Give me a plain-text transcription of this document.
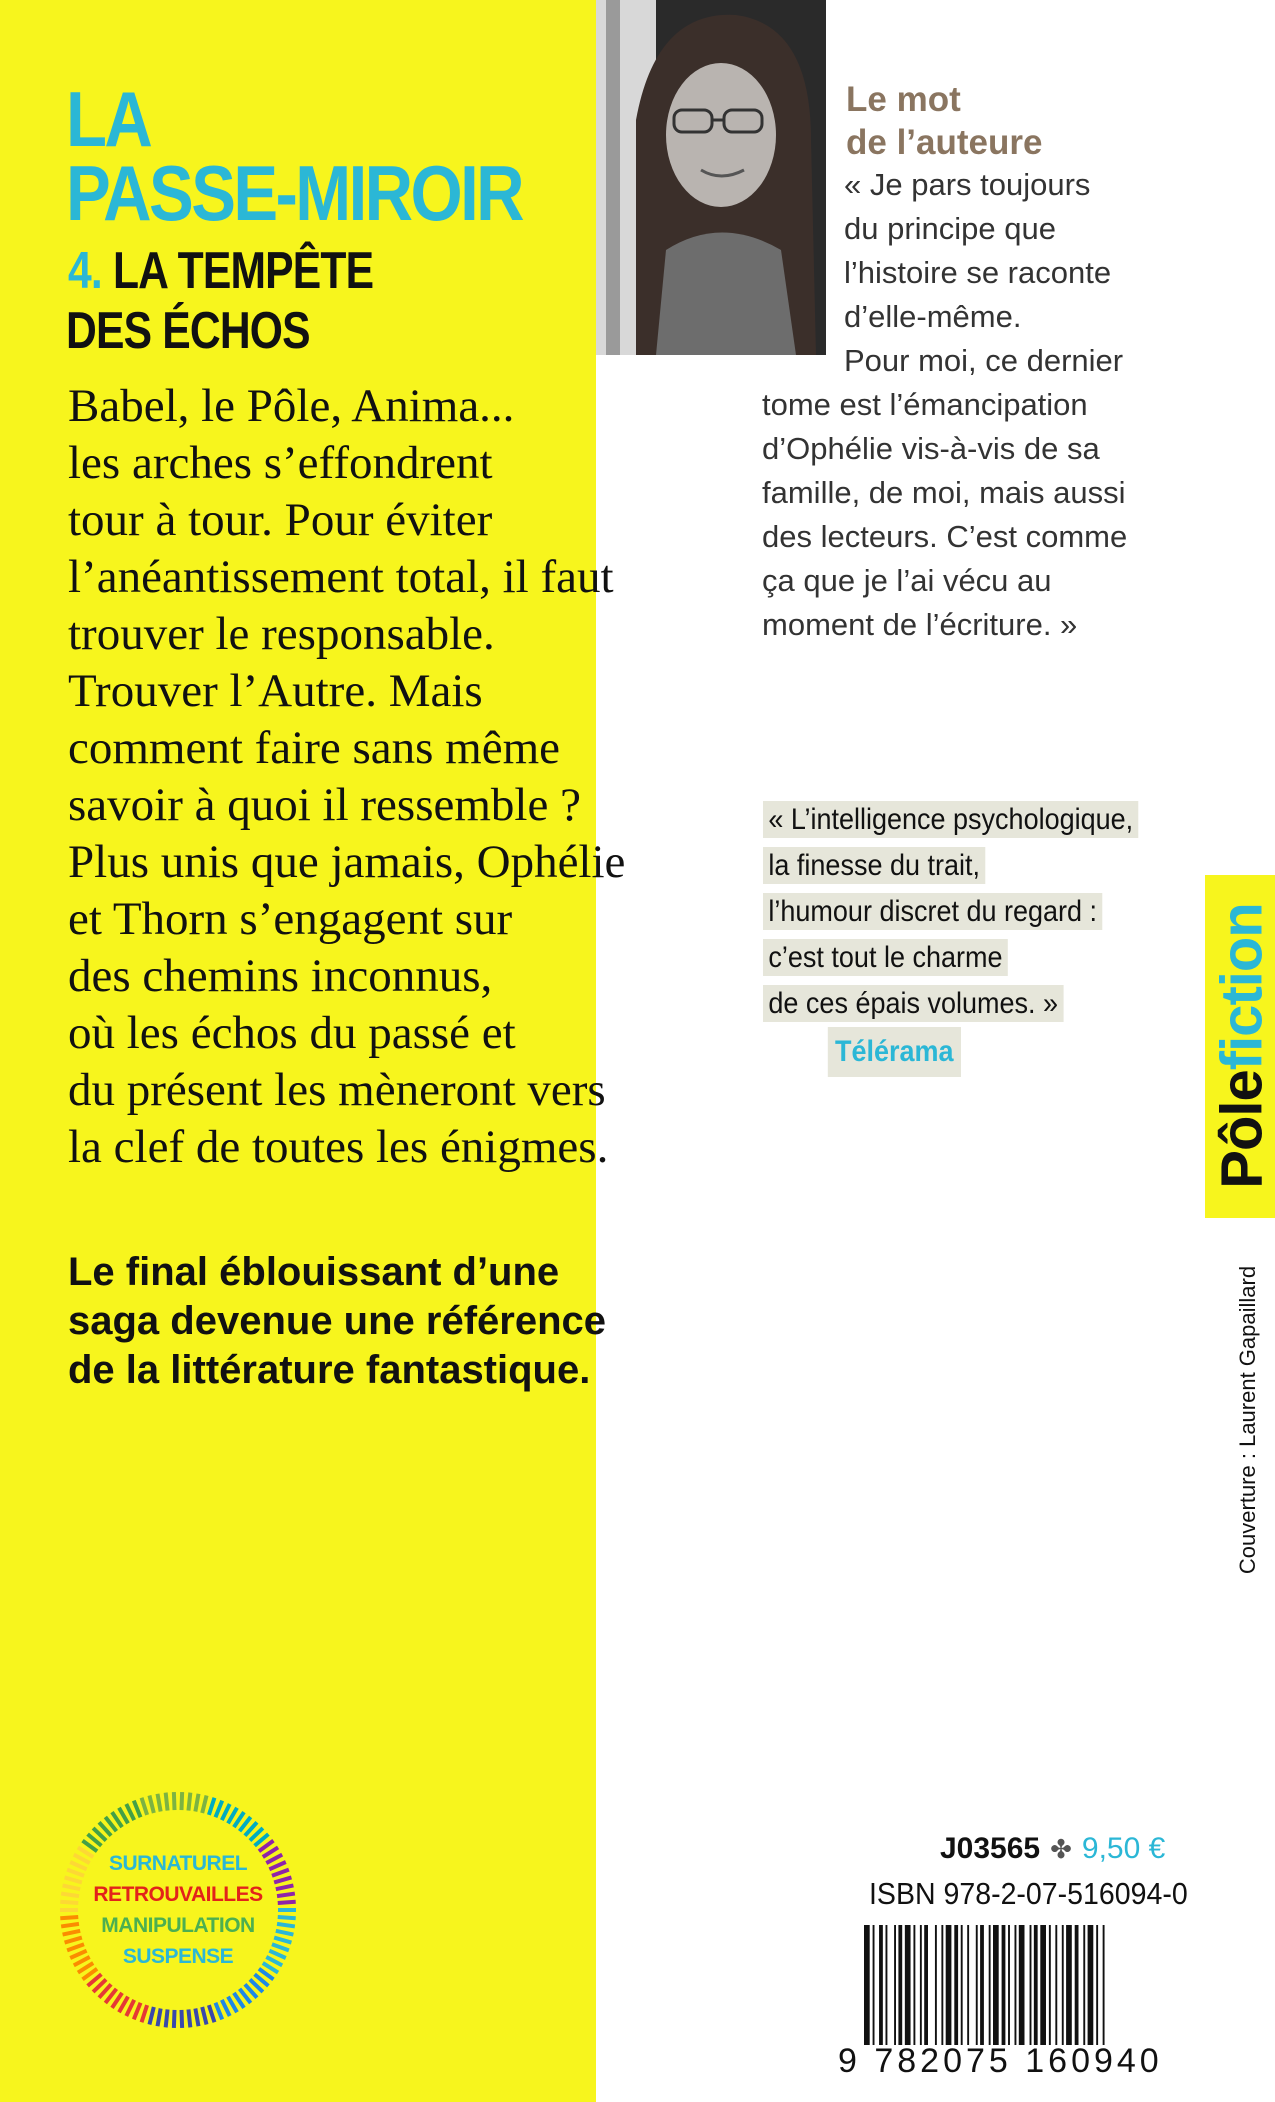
LA
PASSE-MIROIR
4. LA TEMPÊTE
DES ÉCHOS

Babel, le Pôle, Anima...
les arches s’effondrent
tour à tour. Pour éviter
l’anéantissement total, il faut
trouver le responsable.
Trouver l’Autre. Mais
comment faire sans même
savoir à quoi il ressemble ?
Plus unis que jamais, Ophélie
et Thorn s’engagent sur
des chemins inconnus,
où les échos du passé et
du présent les mèneront vers
la clef de toutes les énigmes.

Le final éblouissant d’une
saga devenue une référence
de la littérature fantastique.

Le mot
de l’auteure

« Je pars toujours
du principe que
l’histoire se raconte
d’elle-même.
Pour moi, ce dernier
tome est l’émancipation
d’Ophélie vis-à-vis de sa
famille, de moi, mais aussi
des lecteurs. C’est comme
ça que je l’ai vécu au
moment de l’écriture. »

« L’intelligence psychologique,
la finesse du trait,
l’humour discret du regard :
c’est tout le charme
de ces épais volumes. »
Télérama
Pôlefiction
Couverture : Laurent Gapaillard
SURNATUREL
RETROUVAILLES
MANIPULATION
SUSPENSE
J03565 ✤ 9,50 €
ISBN 978-2-07-516094-0
9 782075 160940
